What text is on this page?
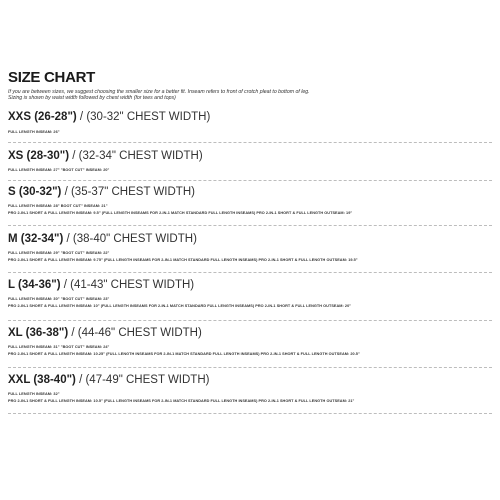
SIZE CHART

If you are between sizes, we suggest choosing the smaller size for a better fit. Inseam refers to front of crotch pleat to bottom of leg.

Sizing is shown by waist width followed by chest width (for tees and tops)

XXS (26-28") / (30-32" CHEST WIDTH)

FULL LENGTH INSEAM: 26"

XS (28-30") / (32-34" CHEST WIDTH)

FULL LENGTH INSEAM: 27" "BOOT CUT" INSEAM: 20"

S (30-32") / (35-37" CHEST WIDTH)

FULL LENGTH INSEAM: 28" BOOT CUT" INSEAM: 21"

PRO 2-IN-1 SHORT & FULL LENGTH INSEAM: 9.5" (FULL LENGTH INSEAMS FOR 2-IN-1 MATCH STANDARD FULL LENGTH INSEAMS) PRO 2-IN-1 SHORT & FULL LENGTH OUTSEAM: 19"

M (32-34") / (38-40" CHEST WIDTH)

FULL LENGTH INSEAM: 29" "BOOT CUT" INSEAM: 22"

PRO 2-IN-1 SHORT & FULL LENGTH INSEAM: 9.75" (FULL LENGTH INSEAMS FOR 2-IN-1 MATCH STANDARD FULL LENGTH INSEAMS) PRO 2-IN-1 SHORT & FULL LENGTH OUTSEAM: 19.5"

L (34-36") / (41-43" CHEST WIDTH)

FULL LENGTH INSEAM: 30" "BOOT CUT" INSEAM: 23"

PRO 2-IN-1 SHORT & FULL LENGTH INSEAM: 10" (FULL LENGTH INSEAMS FOR 2-IN-1 MATCH STANDARD FULL LENGTH INSEAMS) PRO 2-IN-1 SHORT & FULL LENGTH OUTSEAM: 20"

XL (36-38") / (44-46" CHEST WIDTH)

FULL LENGTH INSEAM: 31" "BOOT CUT" INSEAM: 24"

PRO 2-IN-1 SHORT & FULL LENGTH INSEAM: 10.25" (FULL LENGTH INSEAMS FOR 2-IN-1 MATCH STANDARD FULL LENGTH INSEAMS) PRO 2-IN-1 SHORT & FULL LENGTH OUTSEAM: 20.5"

XXL (38-40") / (47-49" CHEST WIDTH)

FULL LENGTH INSEAM: 32"

PRO 2-IN-1 SHORT & FULL LENGTH INSEAM: 10.5" (FULL LENGTH INSEAMS FOR 2-IN-1 MATCH STANDARD FULL LENGTH INSEAMS) PRO 2-IN-1 SHORT & FULL LENGTH OUTSEAM: 21"
